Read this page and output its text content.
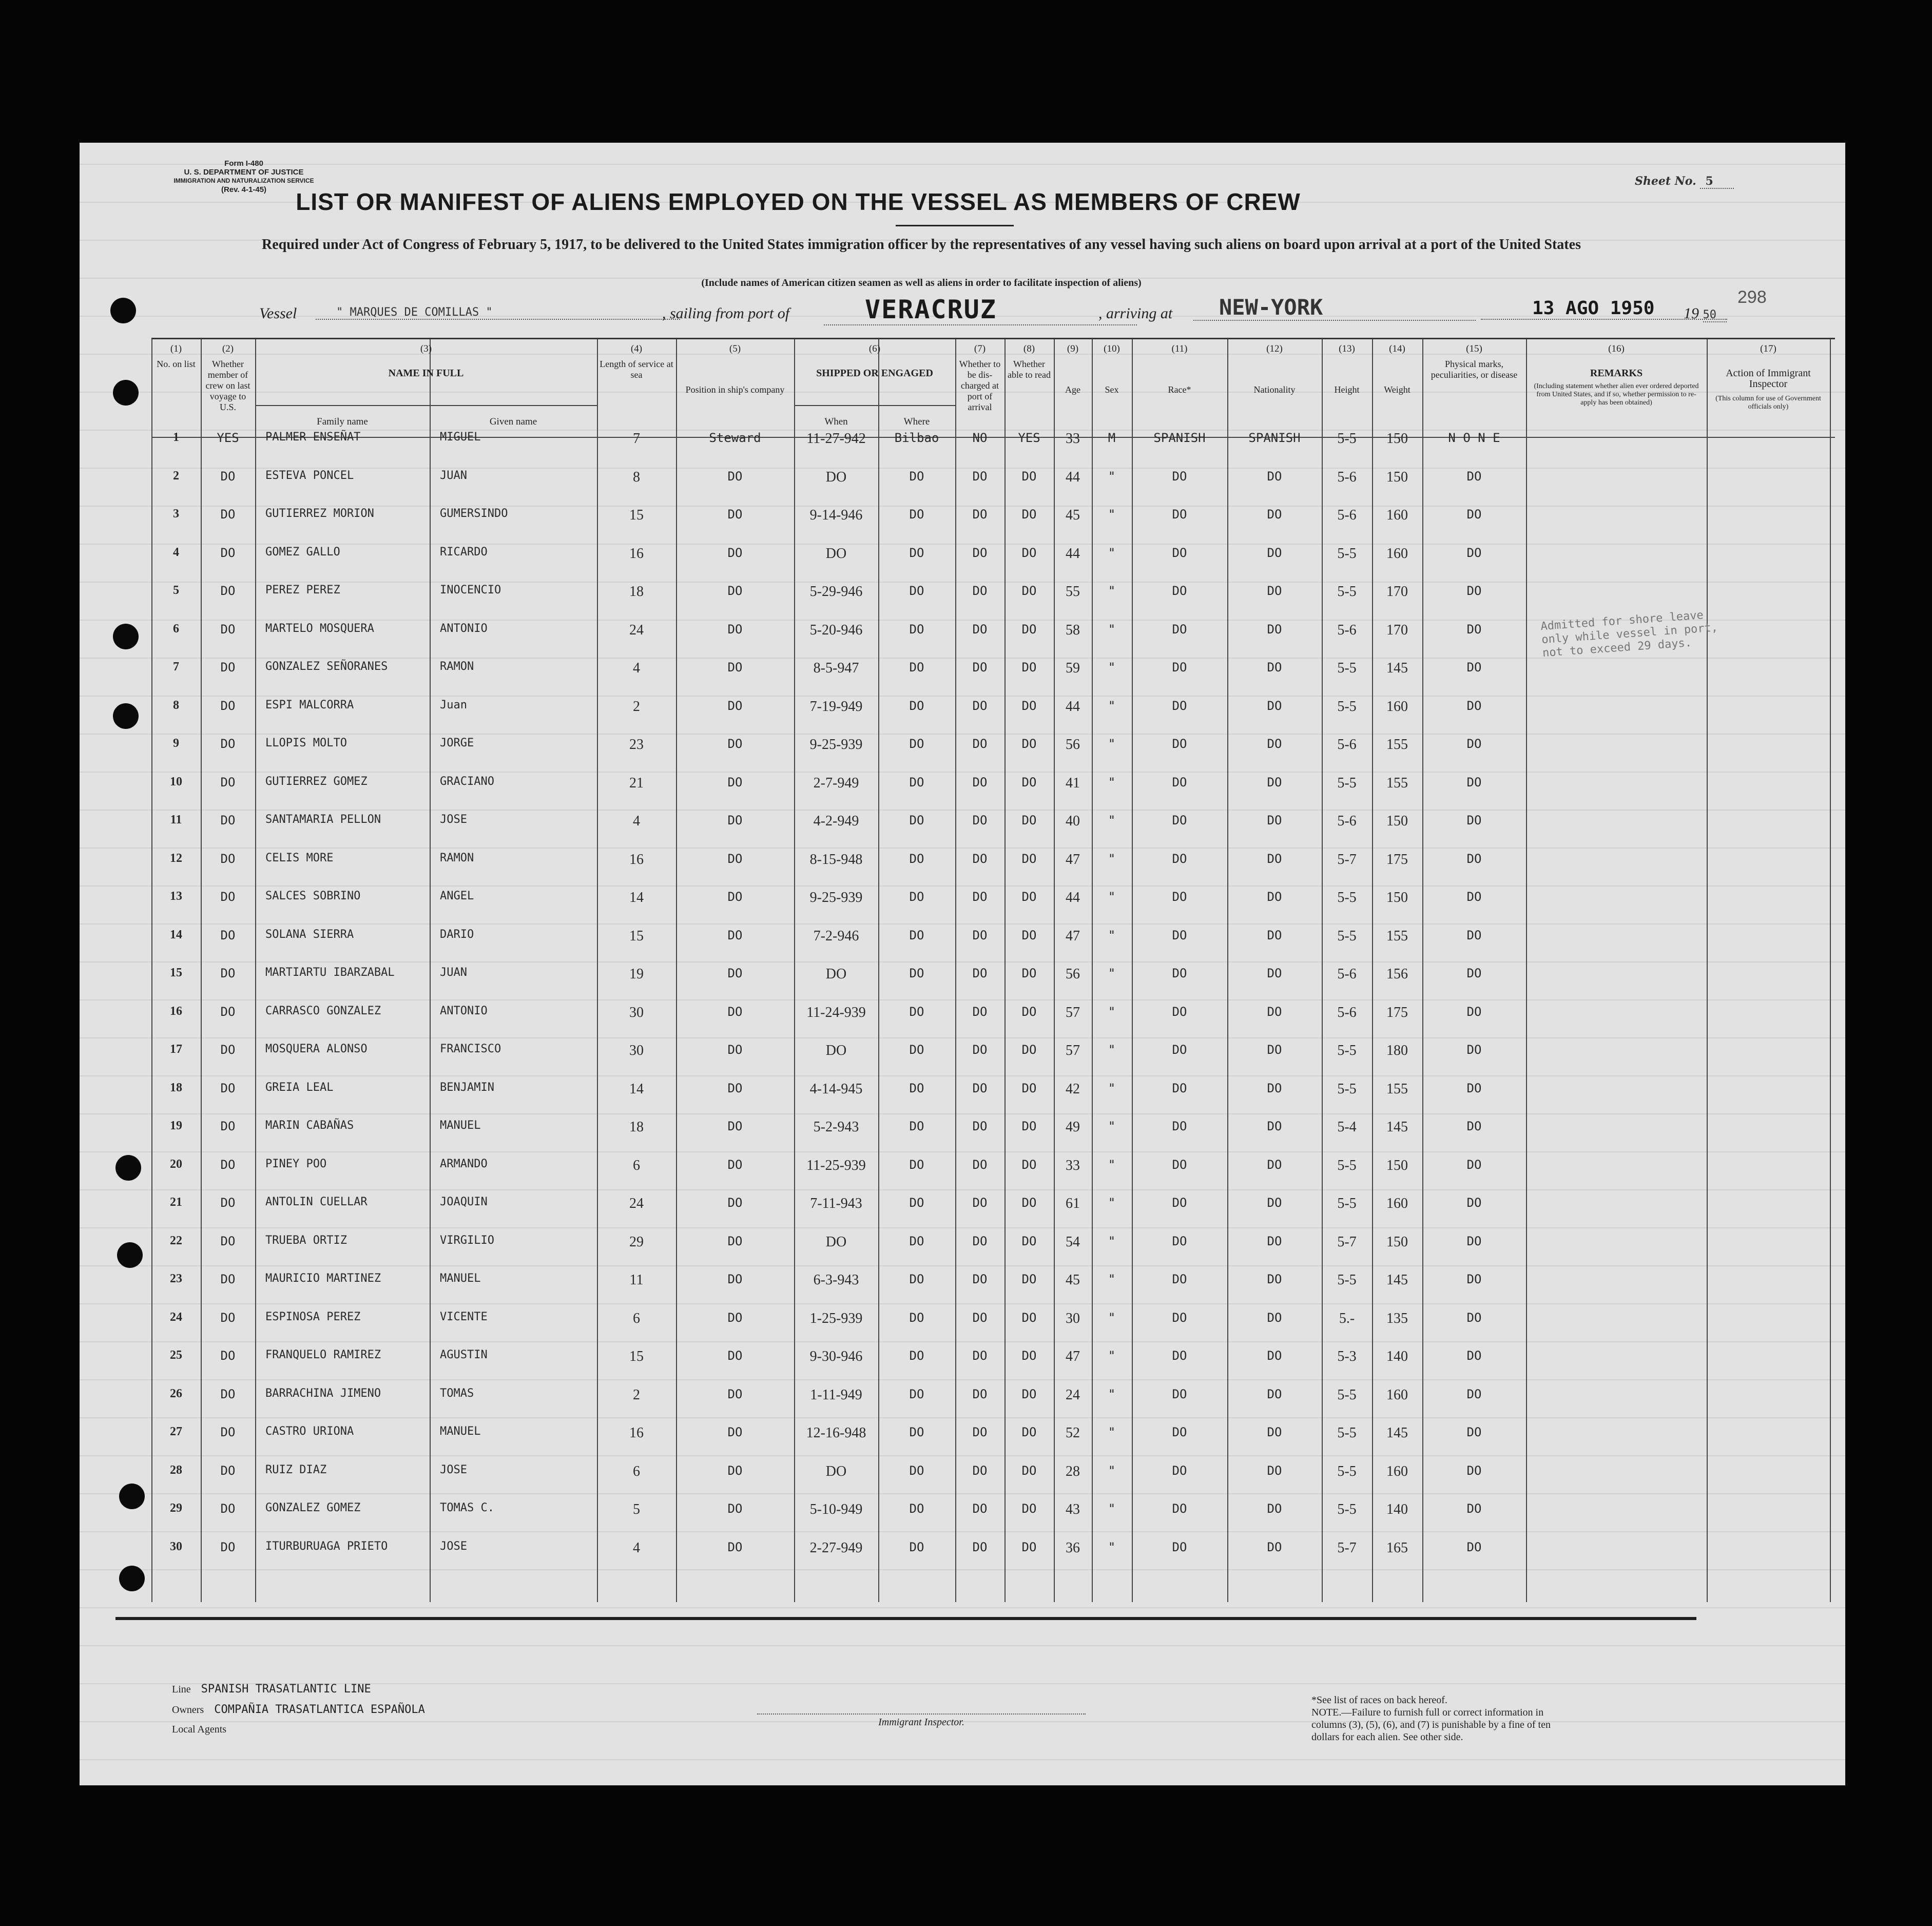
Form I-480
U. S. DEPARTMENT OF JUSTICE
IMMIGRATION AND NATURALIZATION SERVICE
(Rev. 4-1-45)
Sheet No. 5
LIST OR MANIFEST OF ALIENS EMPLOYED ON THE VESSEL AS MEMBERS OF CREW
Required under Act of Congress of February 5, 1917, to be delivered to the United States immigration officer by the representatives of any vessel having such aliens on board upon arrival at a port of the United States
(Include names of American citizen seamen as well as aliens in order to facilitate inspection of aliens)
298
Vessel	" MARQUES DE COMILLAS "	, sailing from port of	VERACRUZ	, arriving at	NEW-YORK	13 AGO 1950	19 50
(1)
No. on list
(2)
Whether member of crew on last voyage to U.S.
(3)
NAME IN FULL
(4)
Length of service at sea
(5)
Position in ship's company
(6)
SHIPPED OR ENGAGED
(7)
Whether to be dis-charged at port of arrival
(8)
Whether able to read
(9)
Age
(10)
Sex
(11)
Race*
(12)
Nationality
(13)
Height
(14)
Weight
(15)
Physical marks, peculiarities, or disease
(16)
REMARKS
(17)
Action of Immigrant Inspector
Family name	Given name	When	Where
(Including statement whether alien ever ordered deported from United States, and if so, whether permission to re-apply has been obtained)
(This column for use of Government officials only)
1	YES	PALMER ENSEÑAT	MIGUEL	7	Steward	11-27-942	Bilbao	NO	YES	33	M	SPANISH	SPANISH	5-5	150	N O N E
2	DO	ESTEVA PONCEL	JUAN	8	DO	DO	DO	DO	DO	44	"	DO	DO	5-6	150	DO
3	DO	GUTIERREZ MORION	GUMERSINDO	15	DO	9-14-946	DO	DO	DO	45	"	DO	DO	5-6	160	DO
4	DO	GOMEZ GALLO	RICARDO	16	DO	DO	DO	DO	DO	44	"	DO	DO	5-5	160	DO
5	DO	PEREZ PEREZ	INOCENCIO	18	DO	5-29-946	DO	DO	DO	55	"	DO	DO	5-5	170	DO
6	DO	MARTELO MOSQUERA	ANTONIO	24	DO	5-20-946	DO	DO	DO	58	"	DO	DO	5-6	170	DO
7	DO	GONZALEZ SEÑORANES	RAMON	4	DO	8-5-947	DO	DO	DO	59	"	DO	DO	5-5	145	DO
8	DO	ESPI MALCORRA	Juan	2	DO	7-19-949	DO	DO	DO	44	"	DO	DO	5-5	160	DO
9	DO	LLOPIS MOLTO	JORGE	23	DO	9-25-939	DO	DO	DO	56	"	DO	DO	5-6	155	DO
10	DO	GUTIERREZ GOMEZ	GRACIANO	21	DO	2-7-949	DO	DO	DO	41	"	DO	DO	5-5	155	DO
11	DO	SANTAMARIA PELLON	JOSE	4	DO	4-2-949	DO	DO	DO	40	"	DO	DO	5-6	150	DO
12	DO	CELIS MORE	RAMON	16	DO	8-15-948	DO	DO	DO	47	"	DO	DO	5-7	175	DO
13	DO	SALCES SOBRINO	ANGEL	14	DO	9-25-939	DO	DO	DO	44	"	DO	DO	5-5	150	DO
14	DO	SOLANA SIERRA	DARIO	15	DO	7-2-946	DO	DO	DO	47	"	DO	DO	5-5	155	DO
15	DO	MARTIARTU IBARZABAL	JUAN	19	DO	DO	DO	DO	DO	56	"	DO	DO	5-6	156	DO
16	DO	CARRASCO GONZALEZ	ANTONIO	30	DO	11-24-939	DO	DO	DO	57	"	DO	DO	5-6	175	DO
17	DO	MOSQUERA ALONSO	FRANCISCO	30	DO	DO	DO	DO	DO	57	"	DO	DO	5-5	180	DO
18	DO	GREIA LEAL	BENJAMIN	14	DO	4-14-945	DO	DO	DO	42	"	DO	DO	5-5	155	DO
19	DO	MARIN CABAÑAS	MANUEL	18	DO	5-2-943	DO	DO	DO	49	"	DO	DO	5-4	145	DO
20	DO	PINEY POO	ARMANDO	6	DO	11-25-939	DO	DO	DO	33	"	DO	DO	5-5	150	DO
21	DO	ANTOLIN CUELLAR	JOAQUIN	24	DO	7-11-943	DO	DO	DO	61	"	DO	DO	5-5	160	DO
22	DO	TRUEBA ORTIZ	VIRGILIO	29	DO	DO	DO	DO	DO	54	"	DO	DO	5-7	150	DO
23	DO	MAURICIO MARTINEZ	MANUEL	11	DO	6-3-943	DO	DO	DO	45	"	DO	DO	5-5	145	DO
24	DO	ESPINOSA PEREZ	VICENTE	6	DO	1-25-939	DO	DO	DO	30	"	DO	DO	5.-	135	DO
25	DO	FRANQUELO RAMIREZ	AGUSTIN	15	DO	9-30-946	DO	DO	DO	47	"	DO	DO	5-3	140	DO
26	DO	BARRACHINA JIMENO	TOMAS	2	DO	1-11-949	DO	DO	DO	24	"	DO	DO	5-5	160	DO
27	DO	CASTRO URIONA	MANUEL	16	DO	12-16-948	DO	DO	DO	52	"	DO	DO	5-5	145	DO
28	DO	RUIZ DIAZ	JOSE	6	DO	DO	DO	DO	DO	28	"	DO	DO	5-5	160	DO
29	DO	GONZALEZ GOMEZ	TOMAS C.	5	DO	5-10-949	DO	DO	DO	43	"	DO	DO	5-5	140	DO
30	DO	ITURBURUAGA PRIETO	JOSE	4	DO	2-27-949	DO	DO	DO	36	"	DO	DO	5-7	165	DO
Admitted for shore leave only while vessel in port, not to exceed 29 days.
Line SPANISH TRASATLANTIC LINE
Owners COMPAÑIA TRASATLANTICA ESPAÑOLA
Local Agents
Immigrant Inspector.
*See list of races on back hereof.
NOTE.—Failure to furnish full or correct information in columns (3), (5), (6), and (7) is punishable by a fine of ten dollars for each alien. See other side.
